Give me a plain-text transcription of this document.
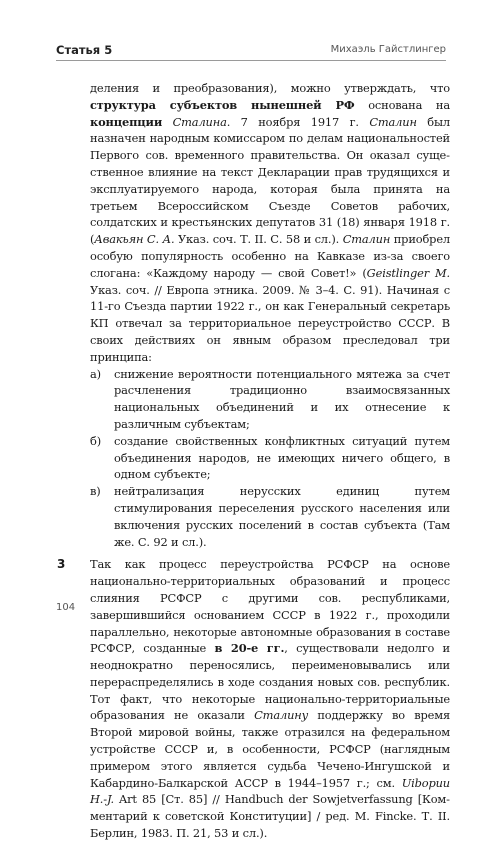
Статья 5	Михаэль Гайстлингер

деления и преобразования), можно утверждать, что структура субъектов нынешней РФ основана на концепции Сталина. 7 ноября 1917 г. Сталин был назначен народным комиссаром по делам национальностей Первого сов. временного правительства. Он оказал существенное влияние на текст Декларации прав трудящихся и эксплуатируемого народа, которая была принята на третьем Всероссийском Съезде Советов рабочих, солдатских и крестьянских депутатов 31 (18) января 1918 г. (Авакьян С. А. Указ. соч. Т. II. С. 58 и сл.). Сталин приобрел особую популярность особенно на Кавказе из-за своего слогана: «Каждому народу — свой Совет!» (Geistlinger M. Указ. соч. // Европа этника. 2009. № 3–4. С. 91). Начиная с 11-го Съезда партии 1922 г., он как Генеральный секретарь КП отвечал за территориальное переустройство СССР. В своих действиях он явным образом преследовал три принципа:

а) снижение вероятности потенциального мятежа за счет расчленения традиционно взаимосвязанных национальных объединений и их отнесение к различным субъектам;
б) создание свойственных конфликтных ситуаций путем объединения народов, не имеющих ничего общего, в одном субъекте;
в) нейтрализация нерусских единиц путем стимулирования переселения русского населения или включения русских поселений в состав субъекта (Там же. С. 92 и сл.).
3 Так как процесс переустройства РСФСР на основе национально-территориальных образований и процесс слияния РСФСР с другими сов. республиками, завершившийся основанием СССР в 1922 г., проходили параллельно, некоторые автономные образования в составе РСФСР, созданные в 20-е гг., существовали недолго и неоднократно переносялись, переименовывались или перераспределялись в ходе создания новых сов. республик. Тот факт, что некоторые национально-территориальные образования не оказали Сталину поддержку во время Второй мировой войны, также отразился на федеральном устройстве СССР и, в особенности, РСФСР (наглядным примером этого является судьба Чечено-Ингушской и Кабардино-Балкарской АССР в 1944–1957 г.; см. Uibopuu H.-J. Art 85 [Ст. 85] // Handbuch der Sowjetverfassung [Комментарий к советской Конституции] / ред. M. Fincke. Т. II. Берлин, 1983. П. 21, 53 и сл.).

104
